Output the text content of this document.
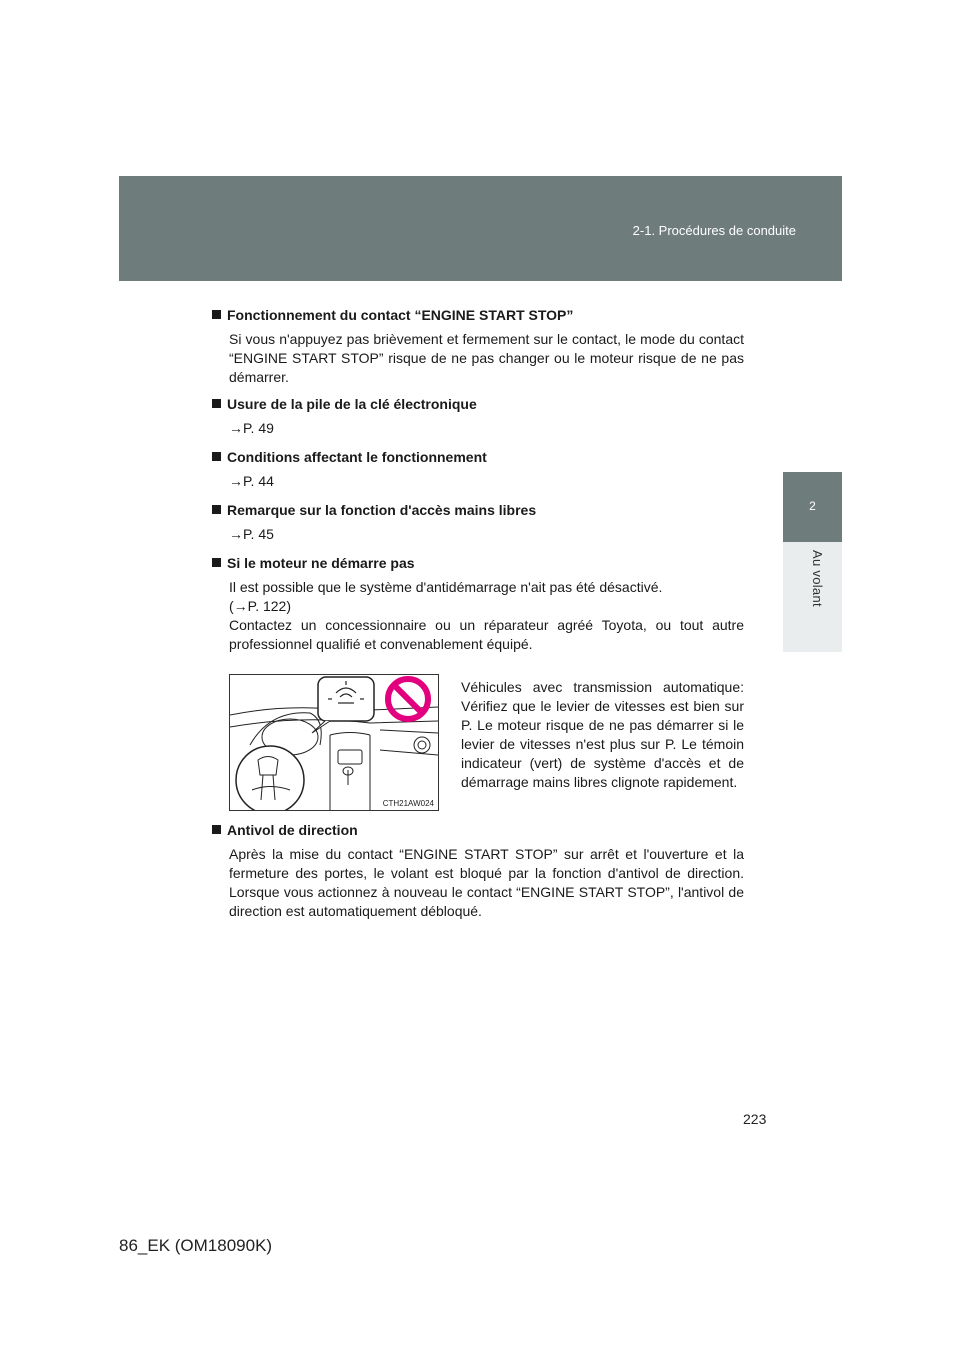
2-1. Procédures de conduite
2
Au volant
Fonctionnement du contact “ENGINE START STOP”

Si vous n'appuyez pas brièvement et fermement sur le contact, le mode du contact “ENGINE START STOP” risque de ne pas changer ou le moteur risque de ne pas démarrer.

Usure de la pile de la clé électronique

→P. 49

Conditions affectant le fonctionnement

→P. 44

Remarque sur la fonction d'accès mains libres

→P. 45

Si le moteur ne démarre pas

Il est possible que le système d'antidémarrage n'ait pas été désactivé.

(→P. 122)

Contactez un concessionnaire ou un réparateur agréé Toyota, ou tout autre professionnel qualifié et convenablement équipé.

CTH21AW024

Véhicules avec transmission automatique: Vérifiez que le levier de vitesses est bien sur P. Le moteur risque de ne pas démarrer si le levier de vitesses n'est plus sur P. Le témoin indicateur (vert) de système d'accès et de démarrage mains libres clignote rapidement.

Antivol de direction

Après la mise du contact “ENGINE START STOP” sur arrêt et l'ouverture et la fermeture des portes, le volant est bloqué par la fonction d'antivol de direction. Lorsque vous actionnez à nouveau le contact “ENGINE START STOP”, l'antivol de direction est automatiquement débloqué.

223
86_EK (OM18090K)
